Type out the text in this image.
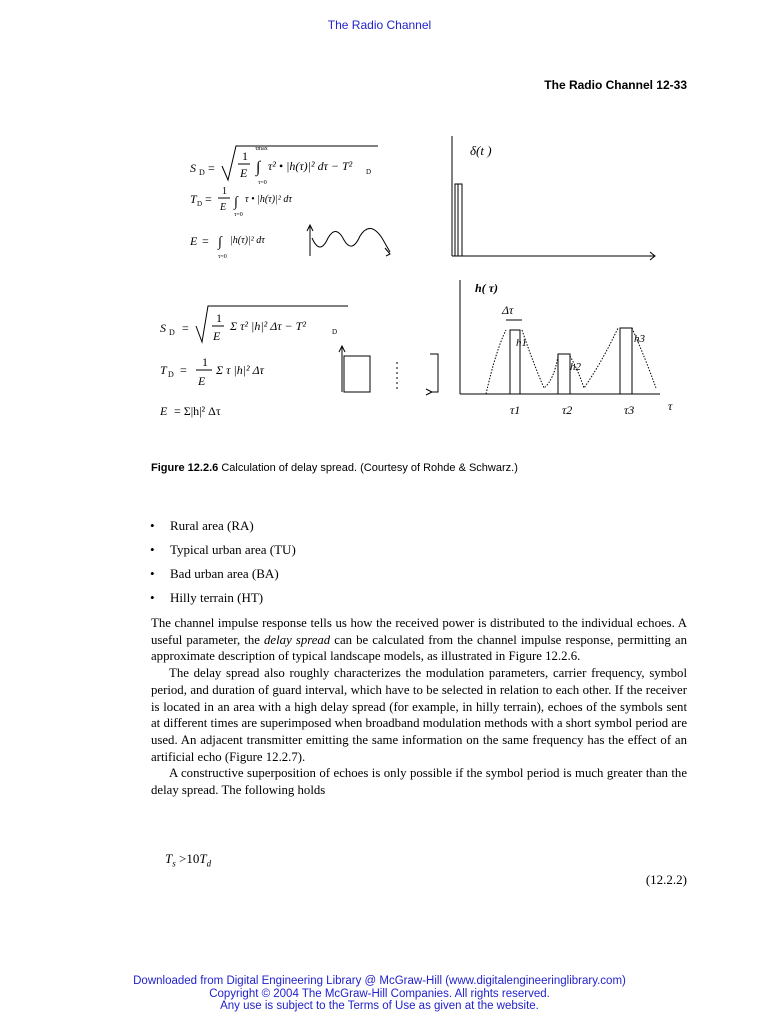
The Radio Channel
The Radio Channel 12-33
S D =
1
E
τmax
∫
τ=0
τ² • |h(τ)|² dτ − T² D
T D =
1
E ∫ τ • |h(τ)|² dτ
τ=0
E = ∫ |h(τ)|² dτ
τ=0
δ(t )
S D =
1
E
Σ τ² |h|² Δτ − T²	D
T D =
1
E
Σ τ |h|² Δτ
E = Σ|h|² Δτ
h( τ)
Δτ
h1
h2
h3
τ1	τ2	τ3	τ
Figure 12.2.6 Calculation of delay spread. (Courtesy of Rohde & Schwarz.)
• Rural area (RA)
• Typical urban area (TU)
• Bad urban area (BA)
• Hilly terrain (HT)

The channel impulse response tells us how the received power is distributed to the individual echoes. A useful parameter, the delay spread can be calculated from the channel impulse response, permitting an approximate description of typical landscape models, as illustrated in Figure 12.2.6.

The delay spread also roughly characterizes the modulation parameters, carrier frequency, symbol period, and duration of guard interval, which have to be selected in relation to each other. If the receiver is located in an area with a high delay spread (for example, in hilly terrain), echoes of the symbols sent at different times are superimposed when broadband modulation methods with a short symbol period are used. An adjacent transmitter emitting the same information on the same frequency has the effect of an artificial echo (Figure 12.2.7).

A constructive superposition of echoes is only possible if the symbol period is much greater than the delay spread. The following holds

$T_s >10T_d$
(12.2.2)
Downloaded from Digital Engineering Library @ McGraw-Hill (www.digitalengineeringlibrary.com)
Copyright © 2004 The McGraw-Hill Companies. All rights reserved.
Any use is subject to the Terms of Use as given at the website.
